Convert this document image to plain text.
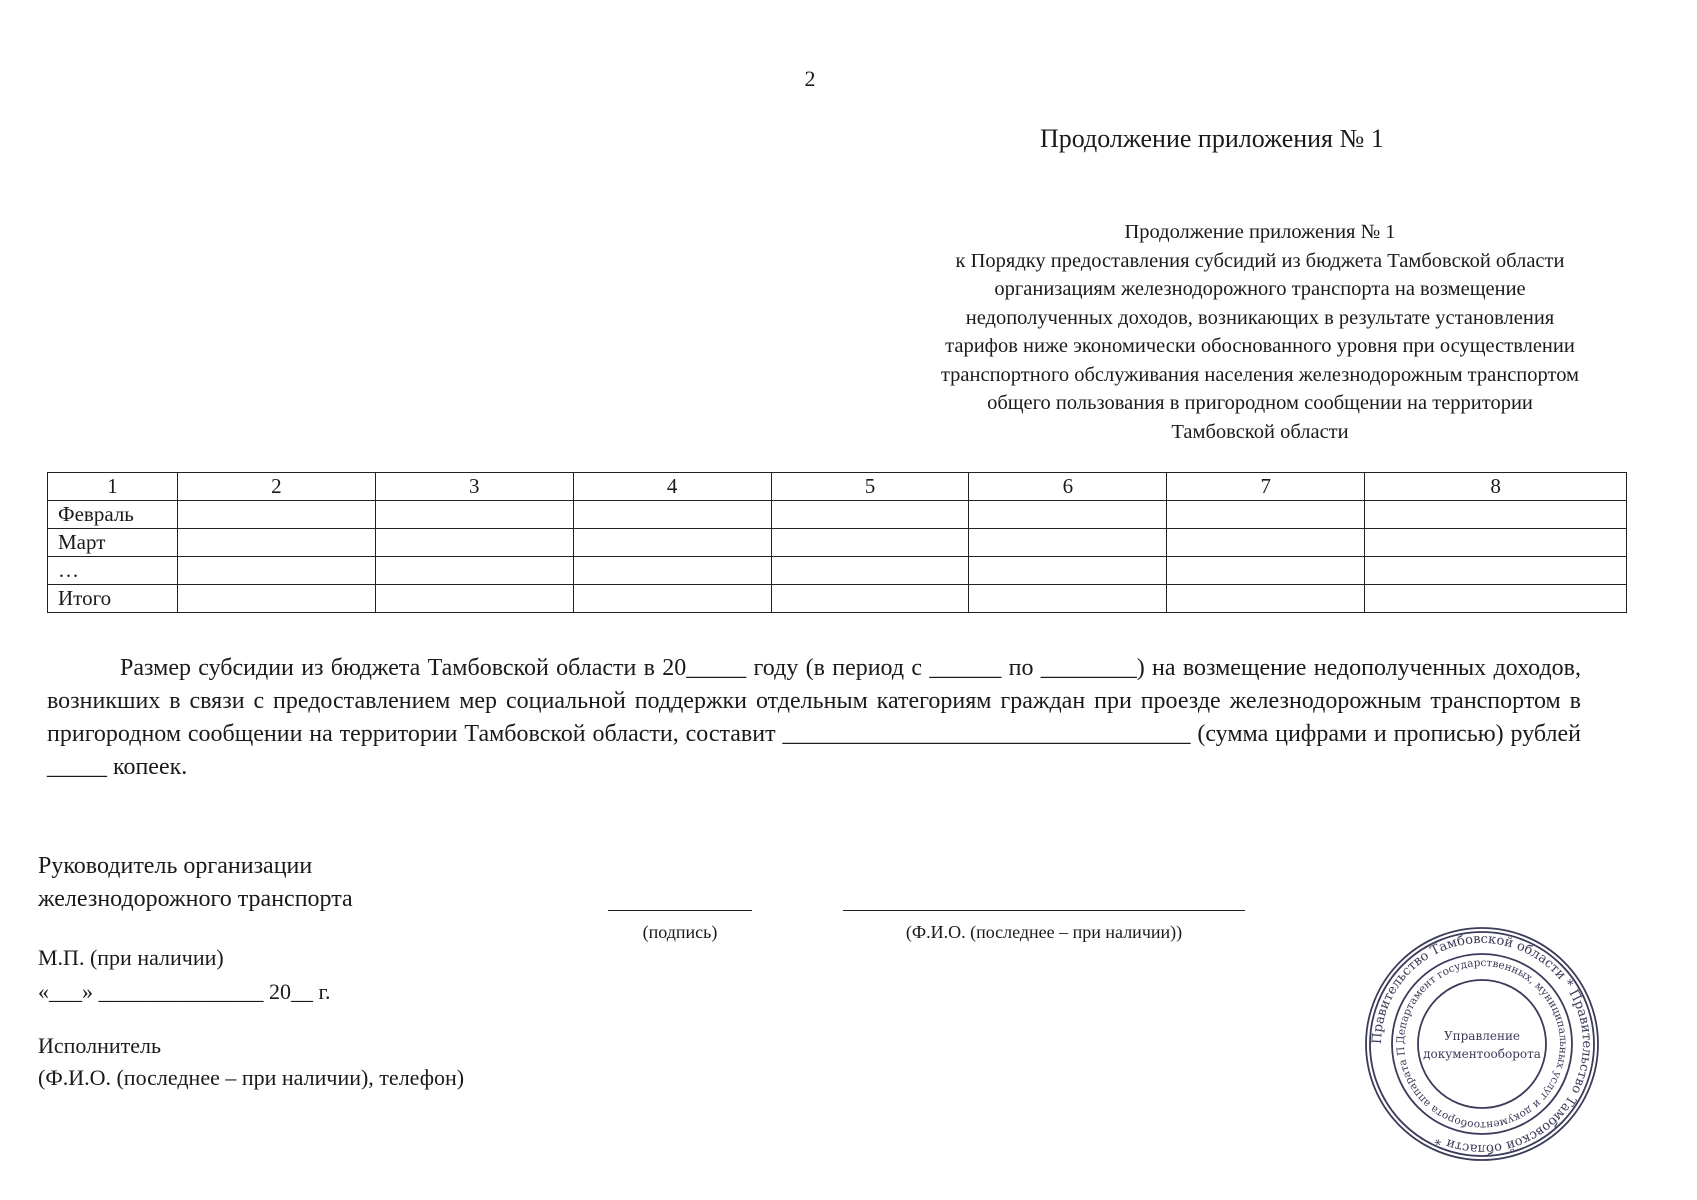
2
Продолжение приложения № 1
Продолжение приложения № 1
к Порядку предоставления субсидий из бюджета Тамбовской области
организациям железнодорожного транспорта на возмещение
недополученных доходов, возникающих в результате установления
тарифов ниже экономически обоснованного уровня при осуществлении
транспортного обслуживания населения железнодорожным транспортом
общего пользования в пригородном сообщении на территории
Тамбовской области
1	2	3	4	5	6	7	8
Февраль							
Март							
…							
Итого							
Размер субсидии из бюджета Тамбовской области в 20_____ году (в период с ______ по ________) на возмещение недополученных доходов, возникших в связи с предоставлением мер социальной поддержки отдельным категориям граждан при проезде железнодорожным транспортом в пригородном сообщении на территории Тамбовской области, составит __________________________________ (сумма цифрами и прописью) рублей _____ копеек.
Руководитель организации
железнодорожного транспорта
(подпись)	(Ф.И.О. (последнее – при наличии))
М.П. (при наличии)
«___» _______________ 20__ г.
Исполнитель
(Ф.И.О. (последнее – при наличии), телефон)
Правительство Тамбовской области * Правительство Тамбовской области *
Департамент государственных, муниципальных услуг и документооборота аппарата П
Управление
документооборота
